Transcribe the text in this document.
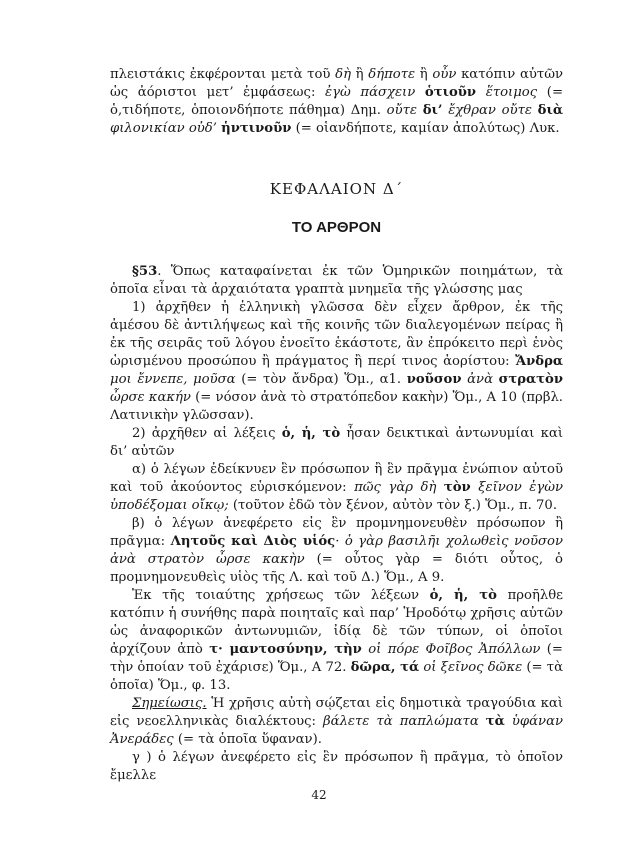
πλειστάκις ἐκφέρονται μετὰ τοῦ δὴ ἢ δήποτε ἢ οὖν κατόπιν αὐτῶν ὡς ἀόριστοι μετ’ ἐμφάσεως: ἐγὼ πάσχειν ὁτιοῦν ἕτοιμος (= ὁ,τιδήποτε, ὁποιονδήποτε πάθημα) Δημ. οὔτε δι’ ἔχθραν οὔτε διὰ φιλονικίαν οὐδ’ ἡντινοῦν (= οἱανδήποτε, καμίαν ἀπολύτως) Λυκ.

ΚΕΦΑΛΑΙΟΝ Δ΄
ΤΟ ΑΡΘΡΟΝ

§53. Ὅπως καταφαίνεται ἐκ τῶν Ὁμηρικῶν ποιημάτων, τὰ ὁποῖα εἶναι τὰ ἀρχαιότατα γραπτὰ μνημεῖα τῆς γλώσσης μας

1) ἀρχῆθεν ἡ ἑλληνικὴ γλῶσσα δὲν εἶχεν ἄρθρον, ἐκ τῆς ἀμέσου δὲ ἀντιλήψεως καὶ τῆς κοινῆς τῶν διαλεγομένων πείρας ἢ ἐκ τῆς σειρᾶς τοῦ λόγου ἐνοεῖτο ἑκάστοτε, ἂν ἐπρόκειτο περὶ ἑνὸς ὡρισμένου προσώπου ἢ πράγματος ἢ περί τινος ἀορίστου: Ἄνδρα μοι ἔννεπε, μοῦσα (= τὸν ἄνδρα) Ὅμ., α1. νοῦσον ἀνὰ στρατὸν ὦρσε κακήν (= νόσον ἀνὰ τὸ στρατόπεδον κακὴν) Ὅμ., Α 10 (πρβλ. Λατινικὴν γλῶσσαν).

2) ἀρχῆθεν αἱ λέξεις ὁ, ἡ, τὸ ἦσαν δεικτικαὶ ἀντωνυμίαι καὶ δι’ αὐτῶν

α) ὁ λέγων ἐδείκνυεν ἓν πρόσωπον ἢ ἓν πρᾶγμα ἐνώπιον αὐτοῦ καὶ τοῦ ἀκούοντος εὑρισκόμενον: πῶς γὰρ δὴ τὸν ξεῖνον ἐγὼν ὑποδέξομαι οἴκῳ; (τοῦτον ἐδῶ τὸν ξένον, αὐτὸν τὸν ξ.) Ὅμ., π. 70.

β) ὁ λέγων ἀνεφέρετο εἰς ἓν προμνημονευθὲν πρόσωπον ἢ πρᾶγμα: Λητοῦς καὶ Διὸς υἱός· ὁ γὰρ βασιλῆι χολωθεὶς νοῦσον ἀνὰ στρατὸν ὦρσε κακὴν (= οὗτος γὰρ = διότι οὗτος, ὁ προμνημονευθεὶς υἱὸς τῆς Λ. καὶ τοῦ Δ.) Ὅμ., Α 9.

Ἐκ τῆς τοιαύτης χρήσεως τῶν λέξεων ὁ, ἡ, τὸ προῆλθε κατόπιν ἡ συνήθης παρὰ ποιηταῖς καὶ παρ’ Ἡροδότῳ χρῆσις αὐτῶν ὡς ἀναφορικῶν ἀντωνυμιῶν, ἰδίᾳ δὲ τῶν τύπων, οἱ ὁποῖοι ἀρχίζουν ἀπὸ τ· μαντοσύνην, τὴν οἱ πόρε Φοῖβος Ἀπόλλων (= τὴν ὁποίαν τοῦ ἐχάρισε) Ὅμ., Α 72. δῶρα, τά οἱ ξεῖνος δῶκε (= τὰ ὁποῖα) Ὅμ., φ. 13.

Σημείωσις. Ἡ χρῆσις αὐτὴ σῴζεται εἰς δημοτικὰ τραγούδια καὶ εἰς νεοελληνικὰς διαλέκτους: βάλετε τὰ παπλώματα τὰ ὑφάναν Ἀνεράδες (= τὰ ὁποῖα ὕφαναν).

γ ) ὁ λέγων ἀνεφέρετο εἰς ἓν πρόσωπον ἢ πρᾶγμα, τὸ ὁποῖον ἔμελλε

42
